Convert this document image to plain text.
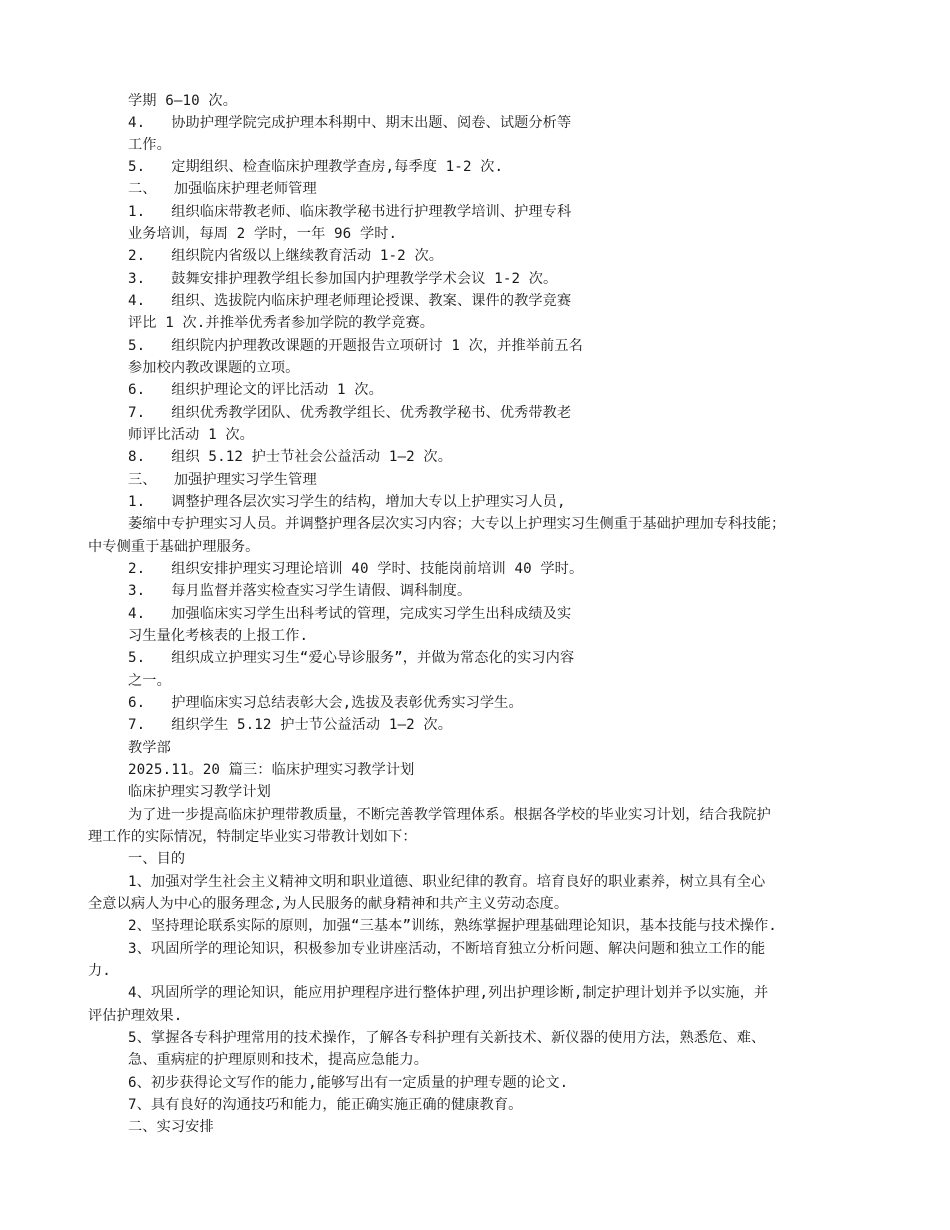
学期 6—10 次。
4.   协助护理学院完成护理本科期中、期末出题、阅卷、试题分析等
工作。
5.   定期组织、检查临床护理教学查房,每季度 1-2 次.
二、  加强临床护理老师管理
1.   组织临床带教老师、临床教学秘书进行护理教学培训、护理专科
业务培训，每周 2 学时，一年 96 学时.
2.   组织院内省级以上继续教育活动 1-2 次。
3.   鼓舞安排护理教学组长参加国内护理教学学术会议 1-2 次。
4.   组织、选拔院内临床护理老师理论授课、教案、课件的教学竞赛
评比 1 次.并推举优秀者参加学院的教学竞赛。
5.   组织院内护理教改课题的开题报告立项研讨 1 次，并推举前五名
参加校内教改课题的立项。
6.   组织护理论文的评比活动 1 次。
7.   组织优秀教学团队、优秀教学组长、优秀教学秘书、优秀带教老
师评比活动 1 次。
8.   组织 5.12 护士节社会公益活动 1—2 次。
三、  加强护理实习学生管理
1.   调整护理各层次实习学生的结构，增加大专以上护理实习人员,
萎缩中专护理实习人员。并调整护理各层次实习内容；大专以上护理实习生侧重于基础护理加专科技能；
中专侧重于基础护理服务。
2.   组织安排护理实习理论培训 40 学时、技能岗前培训 40 学时。
3.   每月监督并落实检查实习学生请假、调科制度。
4.   加强临床实习学生出科考试的管理，完成实习学生出科成绩及实
习生量化考核表的上报工作.
5.   组织成立护理实习生“爱心导诊服务”，并做为常态化的实习内容
之一。
6.   护理临床实习总结表彰大会,选拔及表彰优秀实习学生。
7.   组织学生 5.12 护士节公益活动 1—2 次。
教学部
2025.11。20 篇三：临床护理实习教学计划
临床护理实习教学计划
为了进一步提高临床护理带教质量，不断完善教学管理体系。根据各学校的毕业实习计划，结合我院护
理工作的实际情况，特制定毕业实习带教计划如下：
一、目的
1、加强对学生社会主义精神文明和职业道德、职业纪律的教育。培育良好的职业素养，树立具有全心
全意以病人为中心的服务理念,为人民服务的献身精神和共产主义劳动态度。
2、坚持理论联系实际的原则，加强“三基本”训练，熟练掌握护理基础理论知识，基本技能与技术操作.
3、巩固所学的理论知识，积极参加专业讲座活动，不断培育独立分析问题、解决问题和独立工作的能
力.
4、巩固所学的理论知识，能应用护理程序进行整体护理,列出护理诊断,制定护理计划并予以实施，并
评估护理效果.
5、掌握各专科护理常用的技术操作，了解各专科护理有关新技术、新仪器的使用方法，熟悉危、难、
急、重病症的护理原则和技术，提高应急能力。
6、初步获得论文写作的能力,能够写出有一定质量的护理专题的论文.
7、具有良好的沟通技巧和能力，能正确实施正确的健康教育。
二、实习安排
